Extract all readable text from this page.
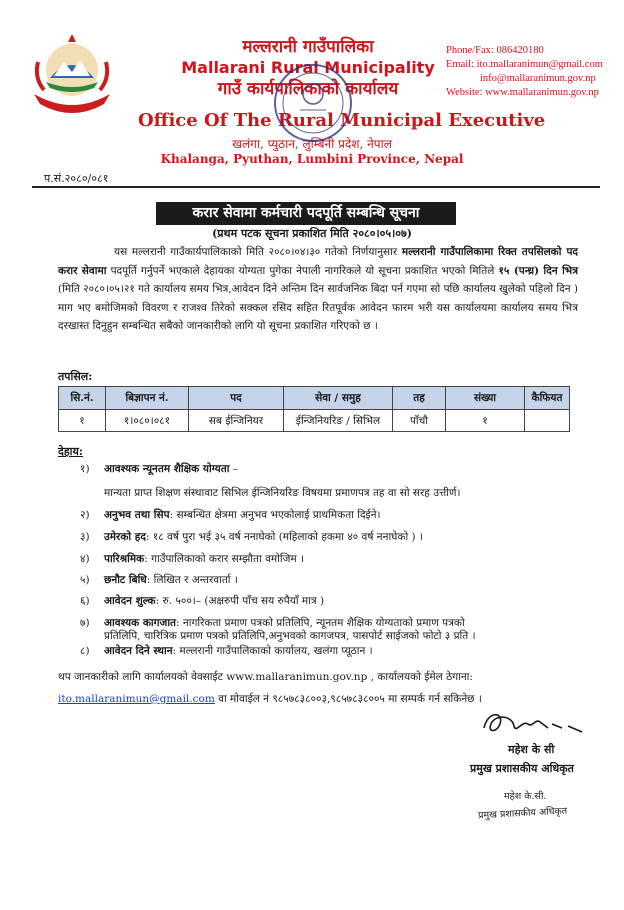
मल्लरानी गाउँपालिका
Mallarani Rural Municipality
गाउँ कार्यपालिकाको कार्यालय
Office Of The Rural Municipal Executive
खलंगा, प्युठान, लुम्बिनी प्रदेश, नेपाल
Khalanga, Pyuthan, Lumbini Province, Nepal
Phone/Fax: 086420180
Email: ito.mallaranimun@gmail.com
info@mallaranimun.gov.np
Website: www.mallaranimun.gov.np
प.सं.२०८०/०८१
करार सेवामा कर्मचारी पदपूर्ति सम्बन्धि सूचना
(प्रथम पटक सूचना प्रकाशित मिति २०८०।०५।०७)
यस मल्लरानी गाउँकार्यपालिकाको मिति २०८०।०४।३० गतेको निर्णयानुसार मल्लरानी गाउँपालिकामा रिक्त तपसिलको पद करार सेवामा पदपूर्ति गर्नुपर्ने भएकाले देहायका योग्यता पुगेका नेपाली नागरिकले यो सूचना प्रकाशित भएको मितिले १५ (पन्ध्र) दिन भित्र (मिति २०८०।०५।२१ गते कार्यालय समय भित्र,आवेदन दिने अन्तिम दिन सार्वजनिक बिदा पर्न गएमा सो पछि कार्यालय खुलेको पहिलो दिन ) माग भए बमोजिमको विवरण र राजश्व तिरेको सक्कल रसिद सहित रितपूर्वक आवेदन फारम भरी यस कार्यालयमा कार्यालय समय भित्र दरखास्त दिनुहुन सम्बन्धित सबैको जानकारीको लागि यो सूचना प्रकाशित गरिएको छ ।
तपसिल:
सि.नं.	बिज्ञापन नं.	पद	सेवा / समुह	तह	संख्या	कैफियत
१	१।०८०।०८१	सब ईन्जिनियर	ईन्जिनियरिङ / सिभिल	पाँचौ	१	
देहाय:
१) आवश्यक न्यूनतम शैक्षिक योग्यता –
मान्यता प्राप्त शिक्षण संस्थावाट सिभिल ईन्जिनियरिङ विषयमा प्रमाणपत्र तह वा सो सरह उत्तीर्ण।
२) अनुभव तथा सिप: सम्बन्धित क्षेत्रमा अनुभव भएकोलाई प्राथमिकता दिईने।
३) उमेरको हद: १८ वर्ष पुरा भई ३५ वर्ष ननाघेको (महिलाको हकमा ४० वर्ष ननाघेको ) ।
४) पारिश्रमिक: गाउँपालिकाको करार सम्झौता वमोजिम ।
५) छनौट बिधि: लिखित र अन्तरवार्ता ।
६) आवेदन शुल्क: रु. ५००।– (अक्षरुपी पाँच सय रुपैयाँ मात्र )
७) आवश्यक कागजात: नागरिकता प्रमाण पत्रको प्रतिलिपि, न्यूनतम शैक्षिक योग्यताको प्रमाण पत्रको
प्रतिलिपि, चारित्रिक प्रमाण पत्रको प्रतिलिपि,अनुभवको कागजपत्र, पासपोर्ट साईजको फोटो ३ प्रति ।
८) आवेदन दिने स्थान: मल्लरानी गाउँपालिकाको कार्यालय, खलंगा प्यूठान ।
थप जानकारीको लागि कार्यालयको वेवसाईट www.mallaranimun.gov.np , कार्यालयको ईमेल ठेगाना:
ito.mallaranimun@gmail.com वा मोवाईल नं ९८५७८३८००३,९८५७८३८००५ मा सम्पर्क गर्न सकिनेछ ।
महेश के सी
प्रमुख प्रशासकीय अधिकृत
महेश के.सी.
प्रमुख प्रशासकीय अधिकृत
